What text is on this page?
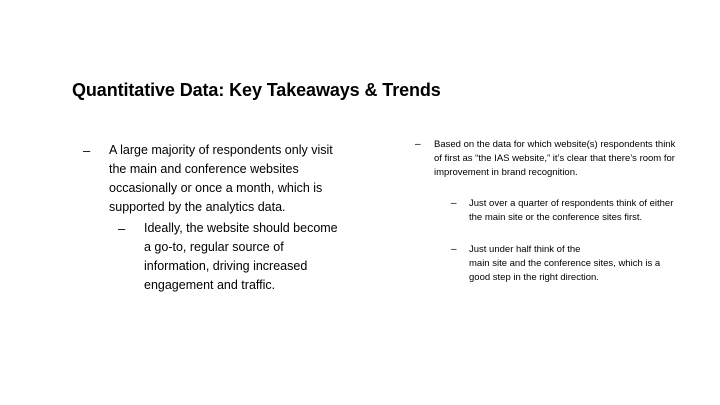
Quantitative Data: Key Takeaways & Trends
–	A large majority of respondents only visit the main and conference websites occasionally or once a month, which is supported by the analytics data.
–	Ideally, the website should become a go-to, regular source of information, driving increased engagement and traffic.
–	Based on the data for which website(s) respondents think of first as “the IAS website,” it’s clear that there’s room for improvement in brand recognition.
–	Just over a quarter of respondents think of either
the main site or the conference sites first.
–	Just under half think of the
main site and the conference sites, which is a good step in the right direction.
